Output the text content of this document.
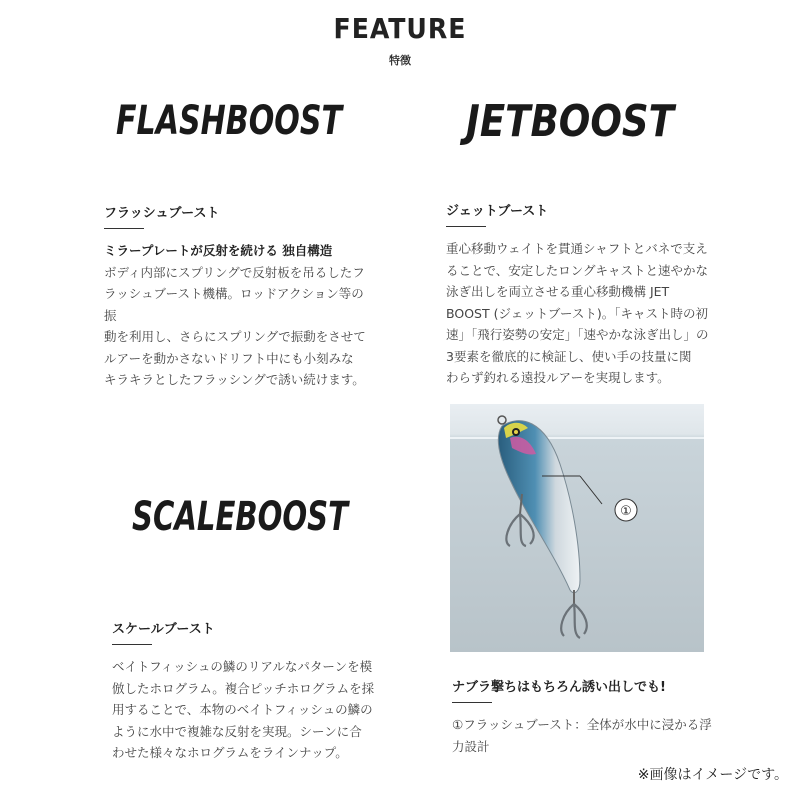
FEATURE
特徴
FLASHBOOST	JETBOOST
フラッシュブースト
ミラープレートが反射を続ける 独自構造
ボディ内部にスプリングで反射板を吊るしたフ
ラッシュブースト機構。ロッドアクション等の振
動を利用し、さらにスプリングで振動をさせて
ルアーを動かさないドリフト中にも小刻みな
キラキラとしたフラッシングで誘い続けます。
ジェットブースト
重心移動ウェイトを貫通シャフトとバネで支え
ることで、安定したロングキャストと速やかな
泳ぎ出しを両立させる重心移動機構 JET
BOOST (ジェットブースト)。「キャスト時の初
速」「飛行姿勢の安定」「速やかな泳ぎ出し」の
3要素を徹底的に検証し、使い手の技量に関
わらず釣れる遠投ルアーを実現します。
①
SCALEBOOST
スケールブースト
ベイトフィッシュの鱗のリアルなパターンを模
倣したホログラム。複合ピッチホログラムを採
用することで、本物のベイトフィッシュの鱗の
ように水中で複雑な反射を実現。シーンに合
わせた様々なホログラムをラインナップ。
ナブラ撃ちはもちろん誘い出しでも!
①フラッシュブースト：全体が水中に浸かる浮
力設計
※画像はイメージです。
